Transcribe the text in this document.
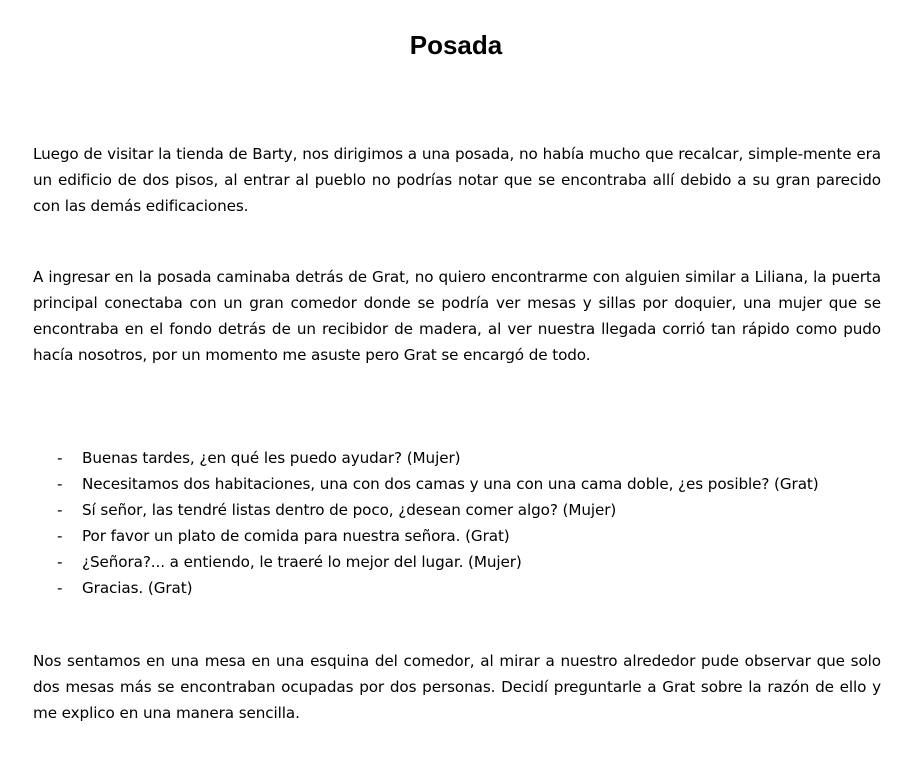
Posada

Luego de visitar la tienda de Barty, nos dirigimos a una posada, no había mucho que recalcar, simple-mente era un edificio de dos pisos, al entrar al pueblo no podrías notar que se encontraba allí debido a su gran parecido con las demás edificaciones.

A ingresar en la posada caminaba detrás de Grat, no quiero encontrarme con alguien similar a Liliana, la puerta principal conectaba con un gran comedor donde se podría ver mesas y sillas por doquier, una mujer que se encontraba en el fondo detrás de un recibidor de madera, al ver nuestra llegada corrió tan rápido como pudo hacía nosotros, por un momento me asuste pero Grat se encargó de todo.

- Buenas tardes, ¿en qué les puedo ayudar? (Mujer)
- Necesitamos dos habitaciones, una con dos camas y una con una cama doble, ¿es posible? (Grat)
- Sí señor, las tendré listas dentro de poco, ¿desean comer algo? (Mujer)
- Por favor un plato de comida para nuestra señora. (Grat)
- ¿Señora?... a entiendo, le traeré lo mejor del lugar. (Mujer)
- Gracias. (Grat)

Nos sentamos en una mesa en una esquina del comedor, al mirar a nuestro alrededor pude observar que solo dos mesas más se encontraban ocupadas por dos personas. Decidí preguntarle a Grat sobre la razón de ello y me explico en una manera sencilla.
